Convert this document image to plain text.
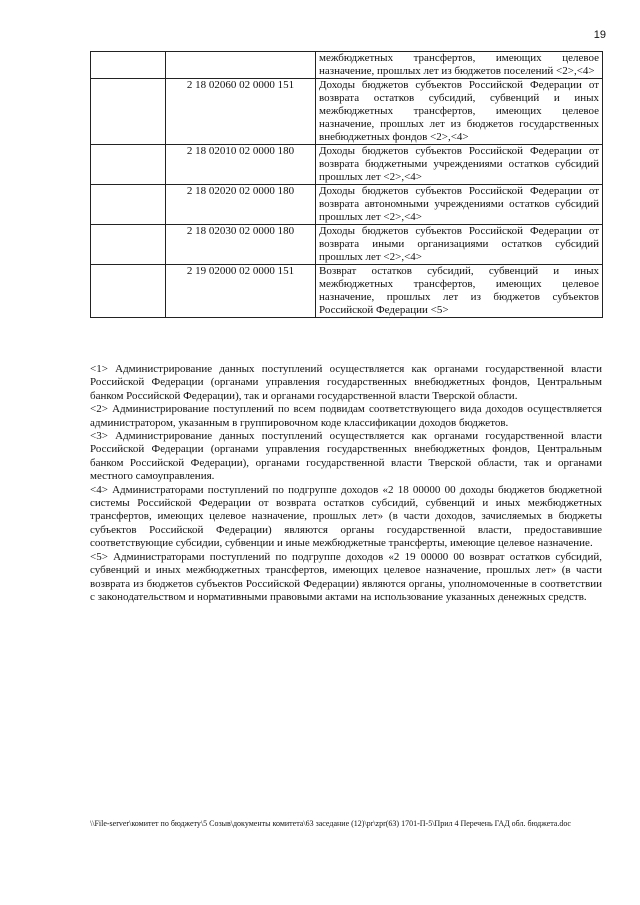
19
		межбюджетных трансфертов, имеющих целевое назначение, прошлых лет из бюджетов поселений <2>,<4>
	2 18 02060 02 0000 151	Доходы бюджетов субъектов Российской Федерации от возврата остатков субсидий, субвенций и иных межбюджетных трансфертов, имеющих целевое назначение, прошлых лет из бюджетов государственных внебюджетных фондов <2>,<4>
	2 18 02010 02 0000 180	Доходы бюджетов субъектов Российской Федерации от возврата бюджетными учреждениями остатков субсидий прошлых лет <2>,<4>
	2 18 02020 02 0000 180	Доходы бюджетов субъектов Российской Федерации от возврата автономными учреждениями остатков субсидий прошлых лет <2>,<4>
	2 18 02030 02 0000 180	Доходы бюджетов субъектов Российской Федерации от возврата иными организациями остатков субсидий прошлых лет <2>,<4>
	2 19 02000 02 0000 151	Возврат остатков субсидий, субвенций и иных межбюджетных трансфертов, имеющих целевое назначение, прошлых лет из бюджетов субъектов Российской Федерации <5>

<1> Администрирование данных поступлений осуществляется как органами государственной власти Российской Федерации (органами управления государственных внебюджетных фондов, Центральным банком Российской Федерации), так и органами государственной власти Тверской области.

<2> Администрирование поступлений по всем подвидам соответствующего вида доходов осуществляется администратором, указанным в группировочном коде классификации доходов бюджетов.

<3> Администрирование данных поступлений осуществляется как органами государственной власти Российской Федерации (органами управления государственных внебюджетных фондов, Центральным банком Российской Федерации), органами государственной власти Тверской области, так и органами местного самоуправления.

<4> Администраторами поступлений по подгруппе доходов «2 18 00000 00 доходы бюджетов бюджетной системы Российской Федерации от возврата остатков субсидий, субвенций и иных межбюджетных трансфертов, имеющих целевое назначение, прошлых лет» (в части доходов, зачисляемых в бюджеты субъектов Российской Федерации) являются органы государственной власти, предоставившие соответствующие субсидии, субвенции и иные межбюджетные трансферты, имеющие целевое назначение.

<5> Администраторами поступлений по подгруппе доходов «2 19 00000 00 возврат остатков субсидий, субвенций и иных межбюджетных трансфертов, имеющих целевое назначение, прошлых лет» (в части возврата из бюджетов субъектов Российской Федерации) являются органы, уполномоченные в соответствии с законодательством и нормативными правовыми актами на использование указанных денежных средств.

\\File-server\комитет по бюджету\5 Созыв\документы комитета\63 заседание (12)\pr\zpr(63) 1701-П-5\Прил 4 Перечень ГАД обл. бюджета.doc
